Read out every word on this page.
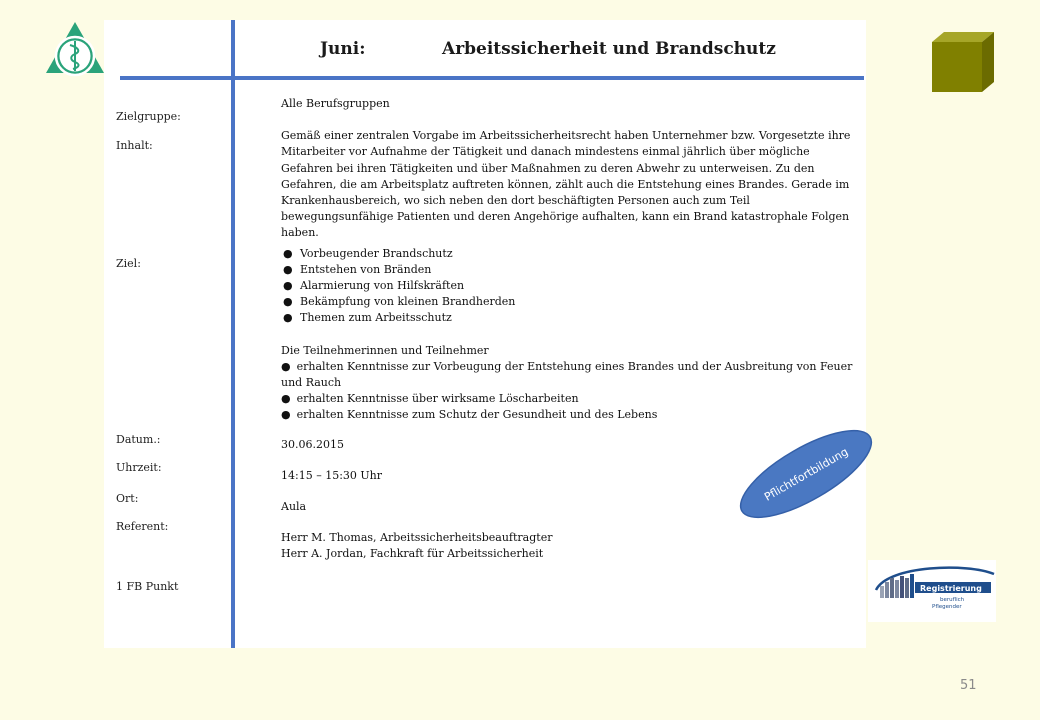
Juni:	Arbeitssicherheit und Brandschutz
Zielgruppe:
Inhalt:
Ziel:
Datum.:
Uhrzeit:
Ort:
Referent:
1 FB Punkt

Alle Berufsgruppen

Gemäß einer zentralen Vorgabe im Arbeitssicherheitsrecht haben Unternehmer bzw. Vorgesetzte ihre Mitarbeiter vor Aufnahme der Tätigkeit und danach mindestens einmal jährlich über mögliche Gefahren bei ihren Tätigkeiten und über Maßnahmen zu deren Abwehr zu unterweisen. Zu den Gefahren, die am Arbeitsplatz auftreten können, zählt auch die Entstehung eines Brandes. Gerade im Krankenhausbereich, wo sich neben den dort beschäftigten Personen auch zum Teil bewegungsunfähige Patienten und deren Angehörige aufhalten, kann ein Brand katastrophale Folgen haben.

● Vorbeugender Brandschutz
● Entstehen von Bränden
● Alarmierung von Hilfskräften
● Bekämpfung von kleinen Brandherden
● Themen zum Arbeitsschutz

Die Teilnehmerinnen und Teilnehmer

● erhalten Kenntnisse zur Vorbeugung der Entstehung eines Brandes und der Ausbreitung von Feuer und Rauch
● erhalten Kenntnisse über wirksame Löscharbeiten
● erhalten Kenntnisse zum Schutz der Gesundheit und des Lebens

30.06.2015

14:15 – 15:30 Uhr

Aula

Herr M. Thomas, Arbeitssicherheitsbeauftragter

Herr A. Jordan, Fachkraft für Arbeitssicherheit

Pflichtfortbildung
Registrierung
beruflich
Pflegender
51
